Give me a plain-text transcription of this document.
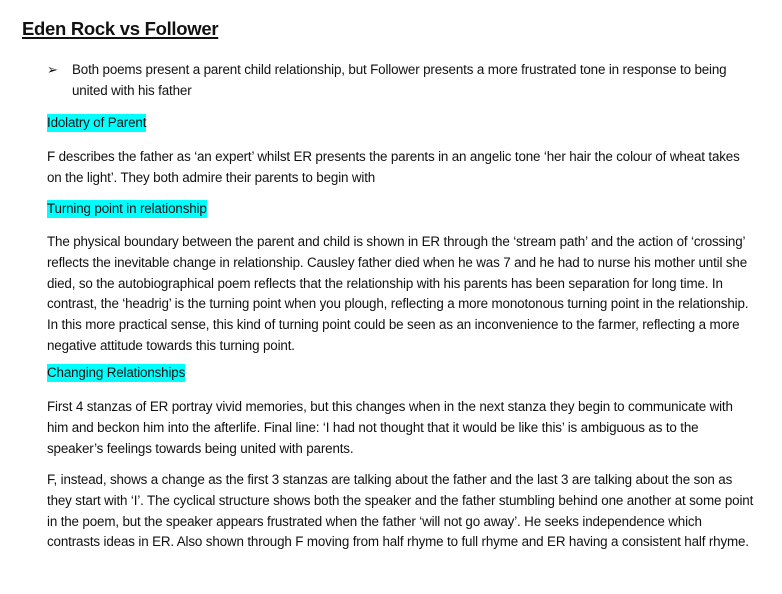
Eden Rock vs Follower
➢ Both poems present a parent child relationship, but Follower presents a more frustrated tone in response to being united with his father
Idolatry of Parent

F describes the father as ‘an expert’ whilst ER presents the parents in an angelic tone ‘her hair the colour of wheat takes on the light’. They both admire their parents to begin with

Turning point in relationship

The physical boundary between the parent and child is shown in ER through the ‘stream path’ and the action of ‘crossing’ reflects the inevitable change in relationship. Causley father died when he was 7 and he had to nurse his mother until she died, so the autobiographical poem reflects that the relationship with his parents has been separation for long time. In contrast, the ‘headrig’ is the turning point when you plough, reflecting a more monotonous turning point in the relationship. In this more practical sense, this kind of turning point could be seen as an inconvenience to the farmer, reflecting a more negative attitude towards this turning point.

Changing Relationships

First 4 stanzas of ER portray vivid memories, but this changes when in the next stanza they begin to communicate with him and beckon him into the afterlife. Final line: ‘I had not thought that it would be like this’ is ambiguous as to the speaker’s feelings towards being united with parents.

F, instead, shows a change as the first 3 stanzas are talking about the father and the last 3 are talking about the son as they start with ‘I’. The cyclical structure shows both the speaker and the father stumbling behind one another at some point in the poem, but the speaker appears frustrated when the father ‘will not go away’. He seeks independence which contrasts ideas in ER. Also shown through F moving from half rhyme to full rhyme and ER having a consistent half rhyme.
